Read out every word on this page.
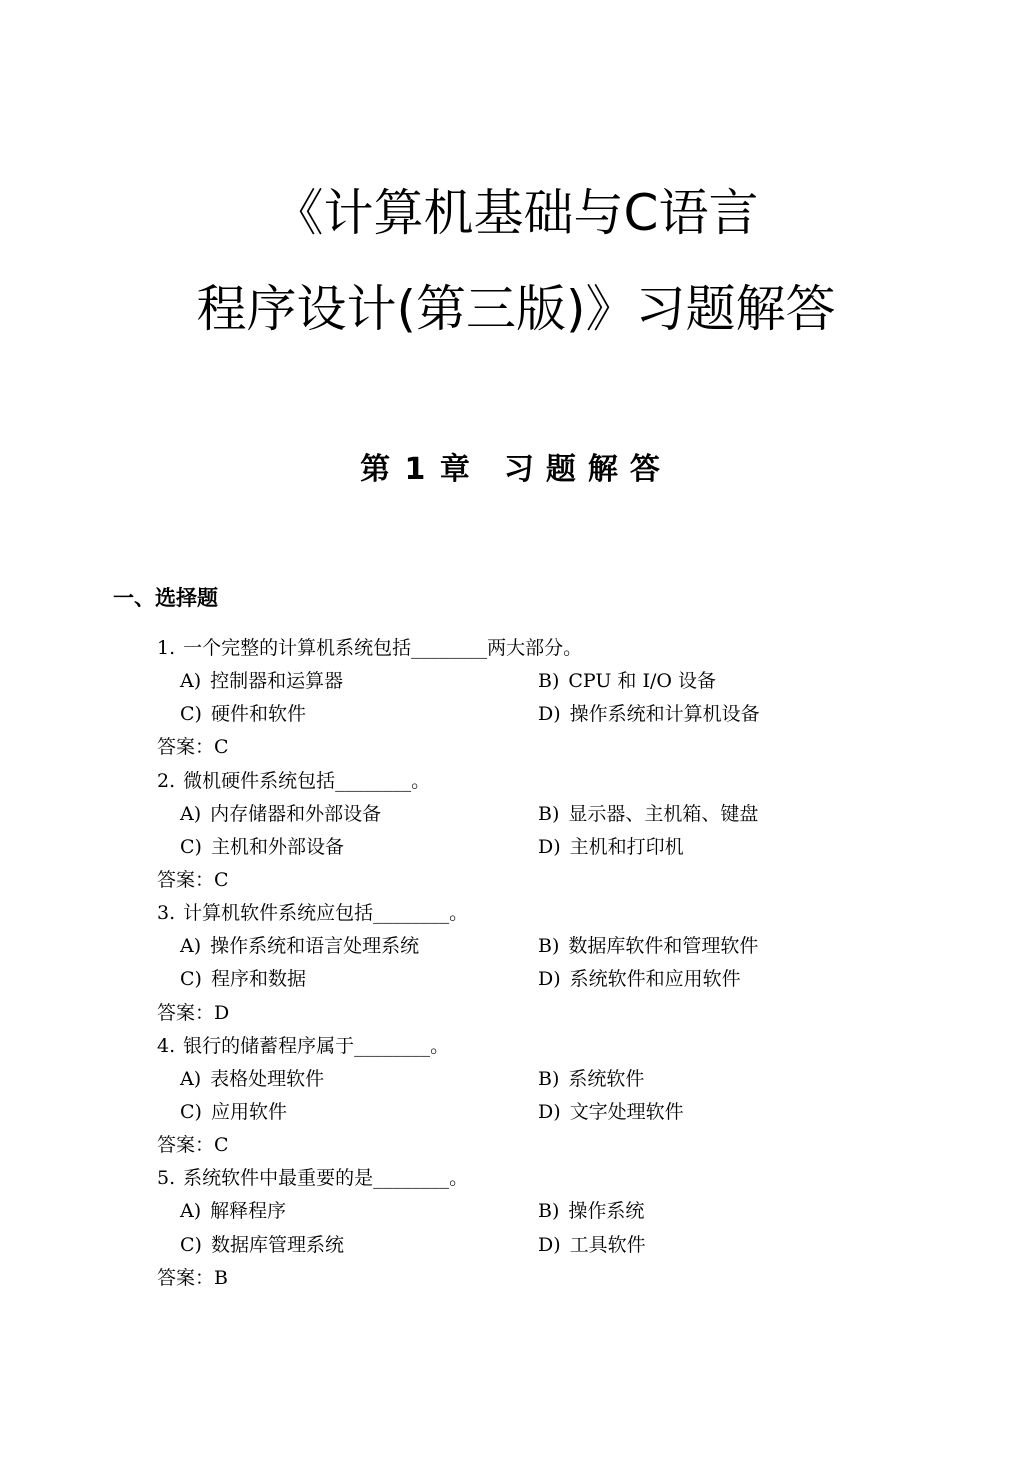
《计算机基础与C语言
程序设计(第三版)》习题解答
第 1 章 习题解答
一、选择题
1. 一个完整的计算机系统包括________两大部分。
A) 控制器和运算器	B) CPU 和 I/O 设备
C) 硬件和软件	D) 操作系统和计算机设备
答案：C
2. 微机硬件系统包括________。
A) 内存储器和外部设备	B) 显示器、主机箱、键盘
C) 主机和外部设备	D) 主机和打印机
答案：C
3. 计算机软件系统应包括________。
A) 操作系统和语言处理系统	B) 数据库软件和管理软件
C) 程序和数据	D) 系统软件和应用软件
答案：D
4. 银行的储蓄程序属于________。
A) 表格处理软件	B) 系统软件
C) 应用软件	D) 文字处理软件
答案：C
5. 系统软件中最重要的是________。
A) 解释程序	B) 操作系统
C) 数据库管理系统	D) 工具软件
答案：B
